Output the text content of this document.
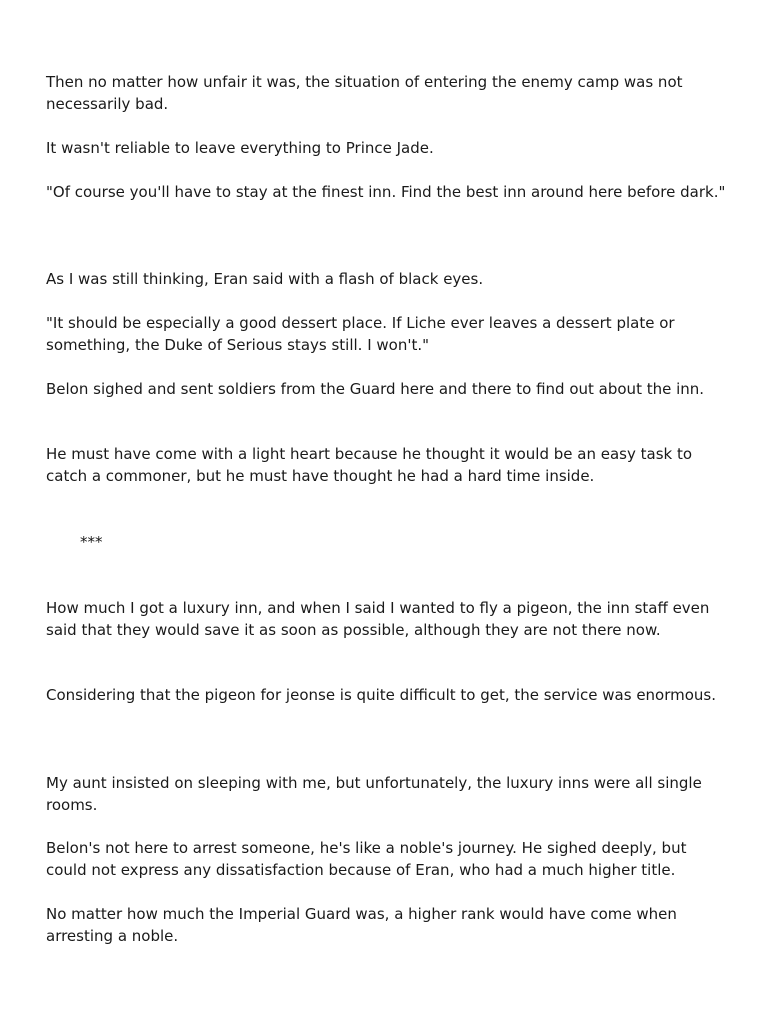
Then no matter how unfair it was, the situation of entering the enemy camp was not necessarily bad.

It wasn't reliable to leave everything to Prince Jade.

"Of course you'll have to stay at the finest inn. Find the best inn around here before dark."

As I was still thinking, Eran said with a flash of black eyes.

"It should be especially a good dessert place. If Liche ever leaves a dessert plate or something, the Duke of Serious stays still. I won't."

Belon sighed and sent soldiers from the Guard here and there to find out about the inn.

He must have come with a light heart because he thought it would be an easy task to catch a commoner, but he must have thought he had a hard time inside.

***

How much I got a luxury inn, and when I said I wanted to fly a pigeon, the inn staff even said that they would save it as soon as possible, although they are not there now.

Considering that the pigeon for jeonse is quite difficult to get, the service was enormous.

My aunt insisted on sleeping with me, but unfortunately, the luxury inns were all single rooms.

Belon's not here to arrest someone, he's like a noble's journey. He sighed deeply, but could not express any dissatisfaction because of Eran, who had a much higher title.

No matter how much the Imperial Guard was, a higher rank would have come when arresting a noble.
